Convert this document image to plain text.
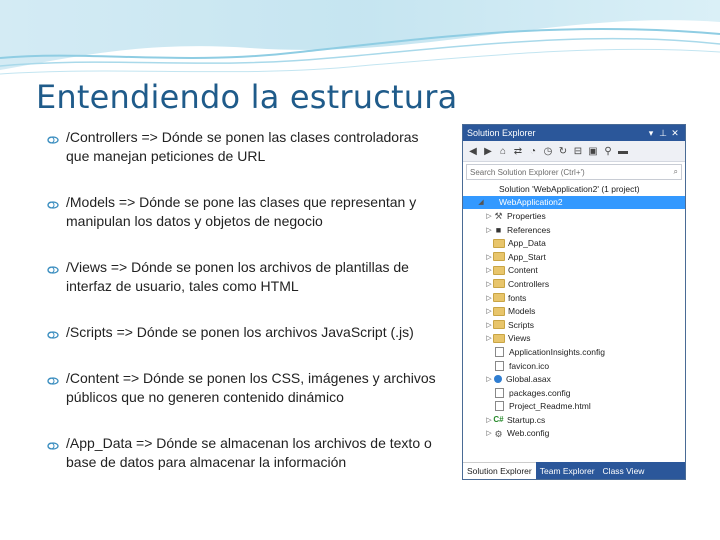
Entendiendo la estructura
/Controllers => Dónde se ponen las clases controladoras que manejan peticiones de URL
/Models => Dónde se pone las clases que representan y manipulan los datos y objetos de negocio
/Views => Dónde se ponen los archivos de plantillas de interfaz de usuario, tales como HTML
/Scripts => Dónde se ponen los archivos JavaScript (.js)
/Content => Dónde se ponen los CSS, imágenes y archivos públicos que no generen contenido dinámico
/App_Data => Dónde se almacenan los archivos de texto o base de datos para almacenar la información
Solution Explorer	▾ ⊥ ✕
◀ ▶ ⌂ ⇄ ◔ ◷ ↻ ⊟ ▣ ⚲ ▬
Search Solution Explorer (Ctrl+')	⌕
Solution 'WebApplication2' (1 project)
◢ WebApplication2
▷ ⚒ Properties
▷ ■ References
App_Data
▷ App_Start
▷ Content
▷ Controllers
▷ fonts
▷ Models
▷ Scripts
▷ Views
ApplicationInsights.config
favicon.ico
▷ Global.asax
packages.config
Project_Readme.html
▷ C# Startup.cs
▷ ⚙ Web.config
Solution Explorer Team Explorer Class View
